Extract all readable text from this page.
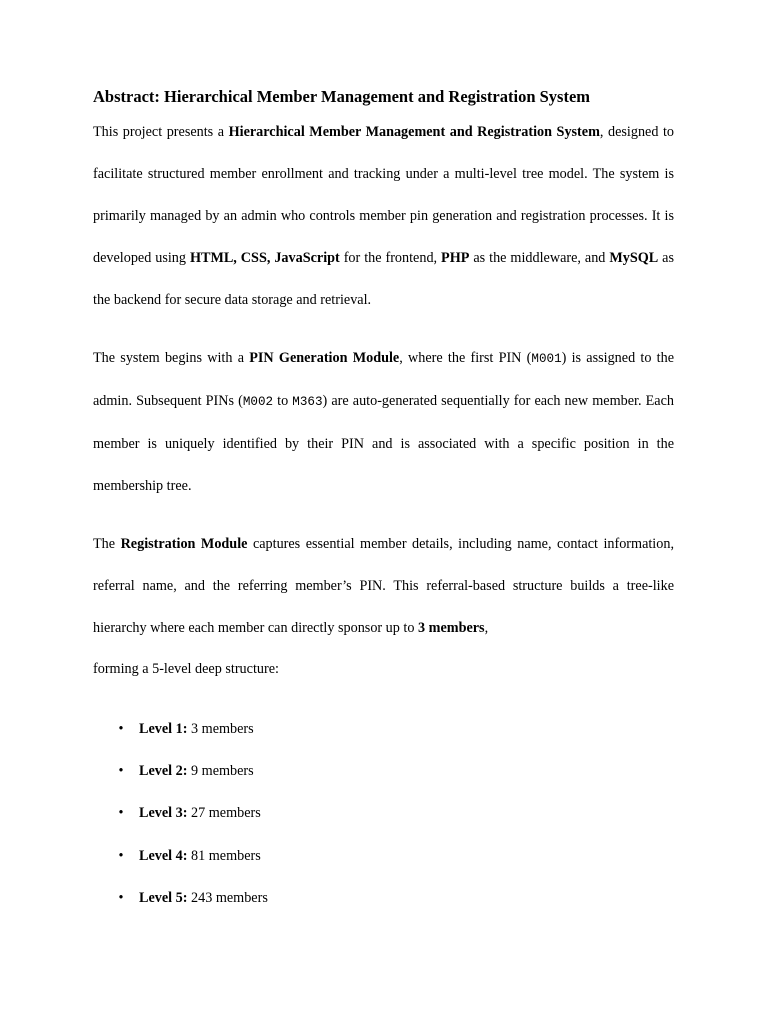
Abstract: Hierarchical Member Management and Registration System

This project presents a Hierarchical Member Management and Registration System, designed to facilitate structured member enrollment and tracking under a multi-level tree model. The system is primarily managed by an admin who controls member pin generation and registration processes. It is developed using HTML, CSS, JavaScript for the frontend, PHP as the middleware, and MySQL as the backend for secure data storage and retrieval.

The system begins with a PIN Generation Module, where the first PIN (M001) is assigned to the admin. Subsequent PINs (M002 to M363) are auto-generated sequentially for each new member. Each member is uniquely identified by their PIN and is associated with a specific position in the membership tree.

The Registration Module captures essential member details, including name, contact information, referral name, and the referring member’s PIN. This referral-based structure builds a tree-like hierarchy where each member can directly sponsor up to 3 members,

forming a 5-level deep structure:

• Level 1: 3 members
• Level 2: 9 members
• Level 3: 27 members
• Level 4: 81 members
• Level 5: 243 members
